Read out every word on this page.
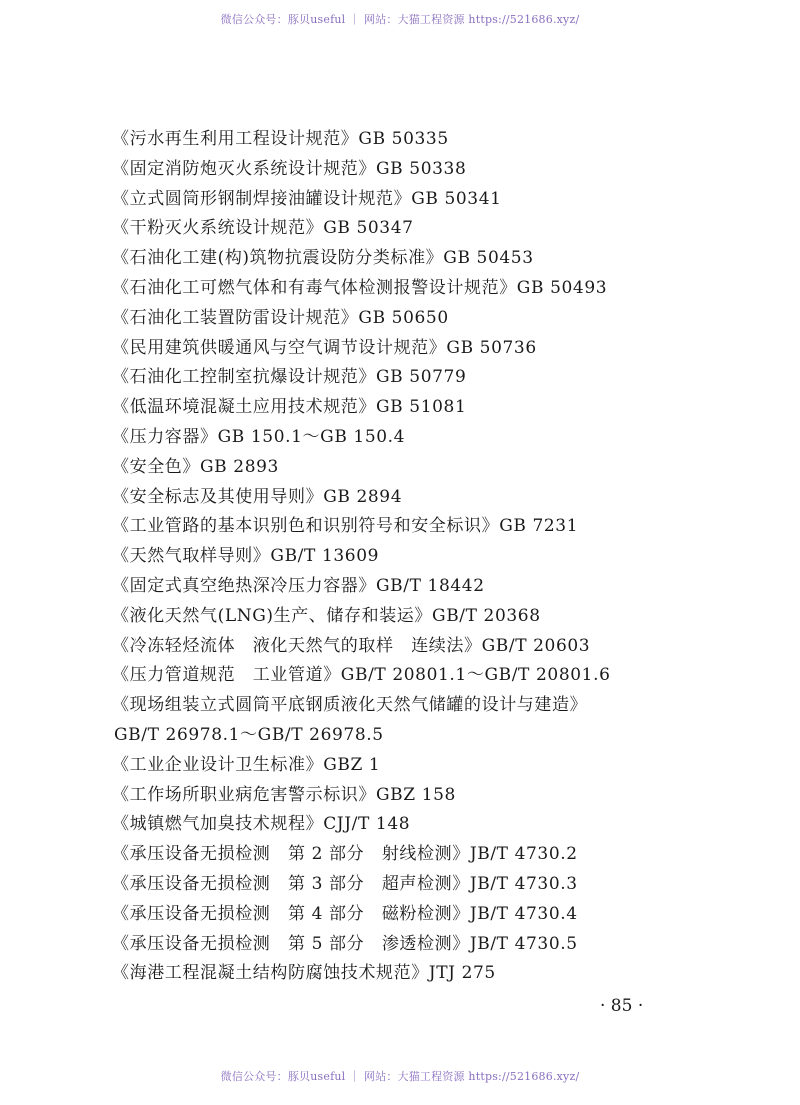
微信公众号：豚贝useful ｜ 网站：大猫工程资源 https://521686.xyz/
《污水再生利用工程设计规范》GB 50335
《固定消防炮灭火系统设计规范》GB 50338
《立式圆筒形钢制焊接油罐设计规范》GB 50341
《干粉灭火系统设计规范》GB 50347
《石油化工建(构)筑物抗震设防分类标准》GB 50453
《石油化工可燃气体和有毒气体检测报警设计规范》GB 50493
《石油化工装置防雷设计规范》GB 50650
《民用建筑供暖通风与空气调节设计规范》GB 50736
《石油化工控制室抗爆设计规范》GB 50779
《低温环境混凝土应用技术规范》GB 51081
《压力容器》GB 150.1～GB 150.4
《安全色》GB 2893
《安全标志及其使用导则》GB 2894
《工业管路的基本识别色和识别符号和安全标识》GB 7231
《天然气取样导则》GB/T 13609
《固定式真空绝热深冷压力容器》GB/T 18442
《液化天然气(LNG)生产、储存和装运》GB/T 20368
《冷冻轻烃流体　液化天然气的取样　连续法》GB/T 20603
《压力管道规范　工业管道》GB/T 20801.1～GB/T 20801.6
《现场组装立式圆筒平底钢质液化天然气储罐的设计与建造》
GB/T 26978.1～GB/T 26978.5
《工业企业设计卫生标准》GBZ 1
《工作场所职业病危害警示标识》GBZ 158
《城镇燃气加臭技术规程》CJJ/T 148
《承压设备无损检测　第 2 部分　射线检测》JB/T 4730.2
《承压设备无损检测　第 3 部分　超声检测》JB/T 4730.3
《承压设备无损检测　第 4 部分　磁粉检测》JB/T 4730.4
《承压设备无损检测　第 5 部分　渗透检测》JB/T 4730.5
《海港工程混凝土结构防腐蚀技术规范》JTJ 275
· 85 ·
微信公众号：豚贝useful ｜ 网站：大猫工程资源 https://521686.xyz/
